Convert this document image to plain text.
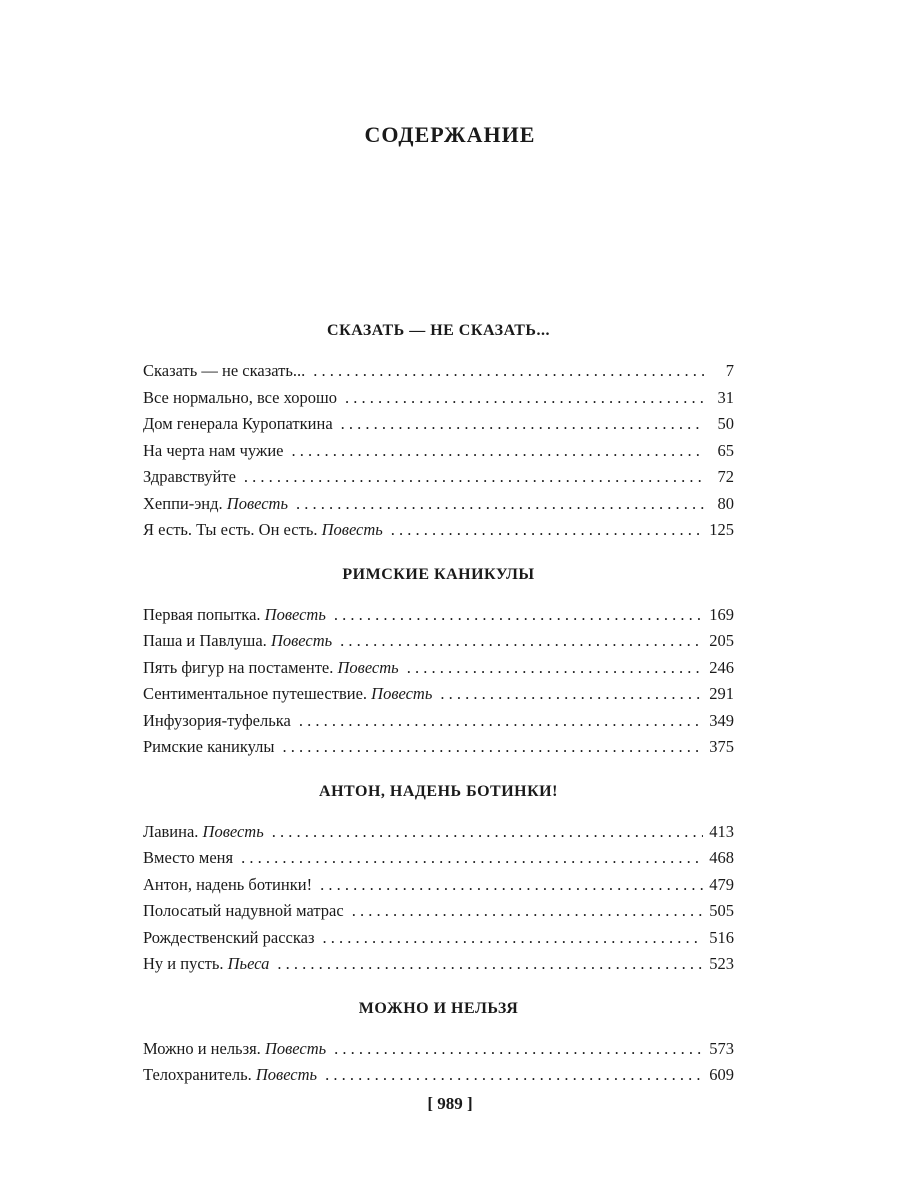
СОДЕРЖАНИЕ
СКАЗАТЬ — НЕ СКАЗАТЬ...
Сказать — не сказать... . . .	7
Все нормально, все хорошо . . .	31
Дом генерала Куропаткина . . .	50
На черта нам чужие . . .	65
Здравствуйте . . .	72
Хеппи-энд. Повесть . . .	80
Я есть. Ты есть. Он есть. Повесть . . .	125
РИМСКИЕ КАНИКУЛЫ
Первая попытка. Повесть . . .	169
Паша и Павлуша. Повесть . . .	205
Пять фигур на постаменте. Повесть . . .	246
Сентиментальное путешествие. Повесть . . .	291
Инфузория-туфелька . . .	349
Римские каникулы . . .	375
АНТОН, НАДЕНЬ БОТИНКИ!
Лавина. Повесть . . .	413
Вместо меня . . .	468
Антон, надень ботинки! . . .	479
Полосатый надувной матрас . . .	505
Рождественский рассказ . . .	516
Ну и пусть. Пьеса . . .	523
МОЖНО И НЕЛЬЗЯ
Можно и нельзя. Повесть . . .	573
Телохранитель. Повесть . . .	609
[ 989 ]
